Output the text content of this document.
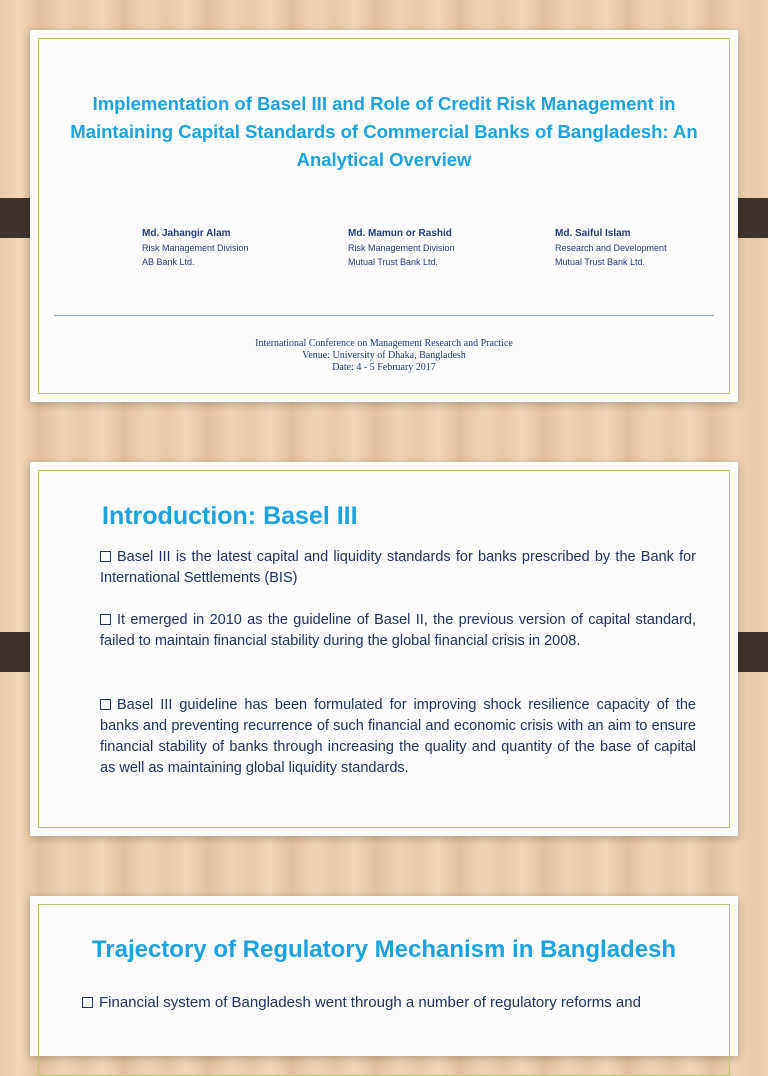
Implementation of Basel III and Role of Credit Risk Management in Maintaining Capital Standards of Commercial Banks of Bangladesh: An Analytical Overview
Md. Jahangir Alam
Risk Management Division
AB Bank Ltd.
Md. Mamun or Rashid
Risk Management Division
Mutual Trust Bank Ltd.
Md. Saiful Islam
Research and Development
Mutual Trust Bank Ltd.
International Conference on Management Research and Practice
Venue: University of Dhaka, Bangladesh
Date: 4 - 5 February 2017
Introduction: Basel III
Basel III is the latest capital and liquidity standards for banks prescribed by the Bank for International Settlements (BIS)
It emerged in 2010 as the guideline of Basel II, the previous version of capital standard, failed to maintain financial stability during the global financial crisis in 2008.
Basel III guideline has been formulated for improving shock resilience capacity of the banks and preventing recurrence of such financial and economic crisis with an aim to ensure financial stability of banks through increasing the quality and quantity of the base of capital as well as maintaining global liquidity standards.
Trajectory of Regulatory Mechanism in Bangladesh
Financial system of Bangladesh went through a number of regulatory reforms and
